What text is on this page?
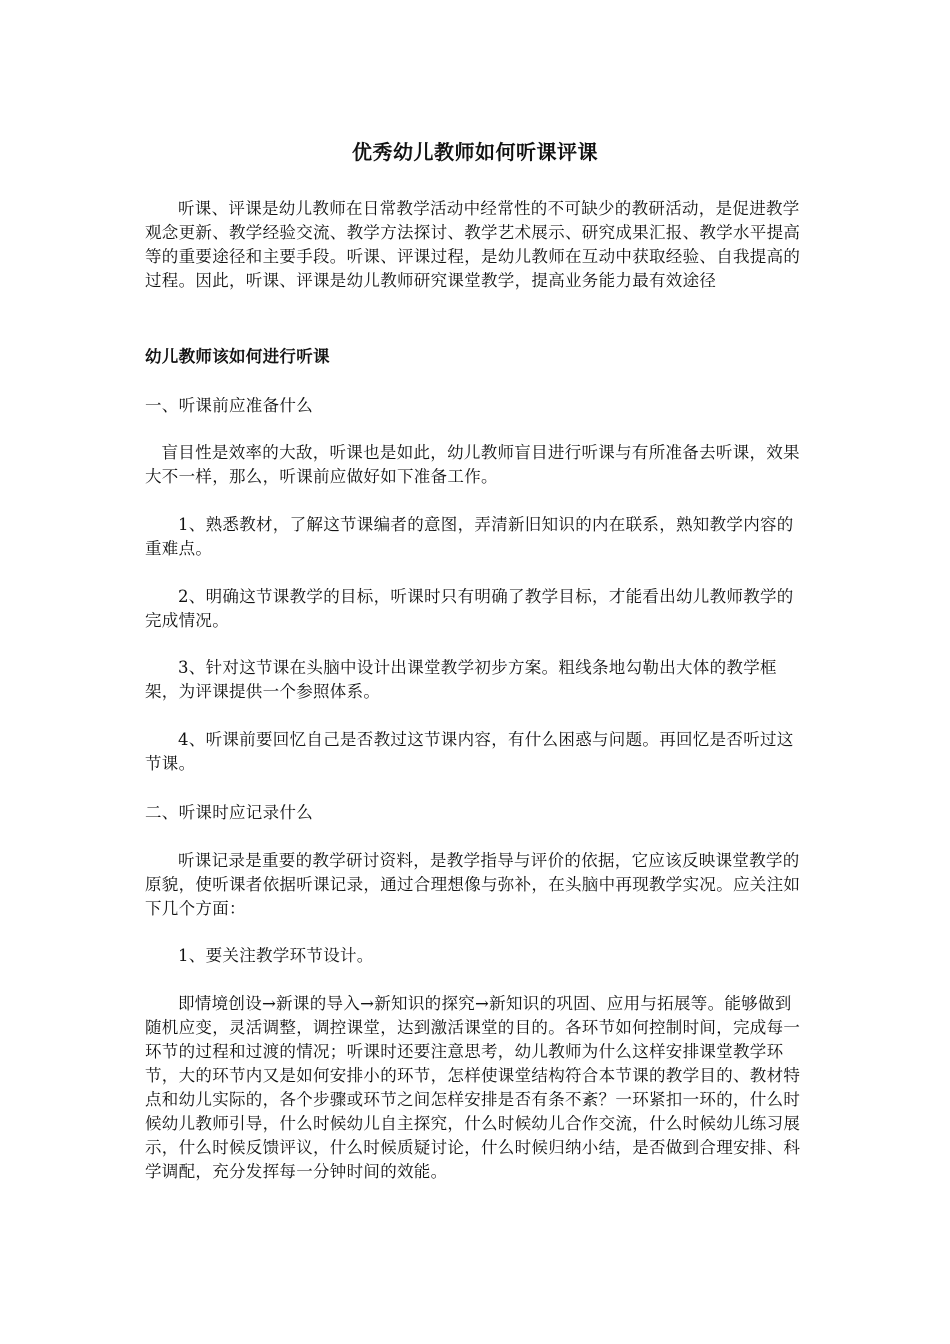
优秀幼儿教师如何听课评课

听课、评课是幼儿教师在日常教学活动中经常性的不可缺少的教研活动，是促进教学观念更新、教学经验交流、教学方法探讨、教学艺术展示、研究成果汇报、教学水平提高等的重要途径和主要手段。听课、评课过程，是幼儿教师在互动中获取经验、自我提高的过程。因此，听课、评课是幼儿教师研究课堂教学，提高业务能力最有效途径

幼儿教师该如何进行听课

一、听课前应准备什么

盲目性是效率的大敌，听课也是如此，幼儿教师盲目进行听课与有所准备去听课，效果大不一样，那么，听课前应做好如下准备工作。

1、熟悉教材，了解这节课编者的意图，弄清新旧知识的内在联系，熟知教学内容的重难点。

2、明确这节课教学的目标，听课时只有明确了教学目标，才能看出幼儿教师教学的完成情况。

3、针对这节课在头脑中设计出课堂教学初步方案。粗线条地勾勒出大体的教学框架，为评课提供一个参照体系。

4、听课前要回忆自己是否教过这节课内容，有什么困惑与问题。再回忆是否听过这节课。

二、听课时应记录什么

听课记录是重要的教学研讨资料，是教学指导与评价的依据，它应该反映课堂教学的原貌，使听课者依据听课记录，通过合理想像与弥补，在头脑中再现教学实况。应关注如下几个方面：

1、要关注教学环节设计。

即情境创设→新课的导入→新知识的探究→新知识的巩固、应用与拓展等。能够做到随机应变，灵活调整，调控课堂，达到激活课堂的目的。各环节如何控制时间，完成每一环节的过程和过渡的情况；听课时还要注意思考，幼儿教师为什么这样安排课堂教学环节，大的环节内又是如何安排小的环节，怎样使课堂结构符合本节课的教学目的、教材特点和幼儿实际的，各个步骤或环节之间怎样安排是否有条不紊？一环紧扣一环的，什么时候幼儿教师引导，什么时候幼儿自主探究，什么时候幼儿合作交流，什么时候幼儿练习展示，什么时候反馈评议，什么时候质疑讨论，什么时候归纳小结，是否做到合理安排、科学调配，充分发挥每一分钟时间的效能。
